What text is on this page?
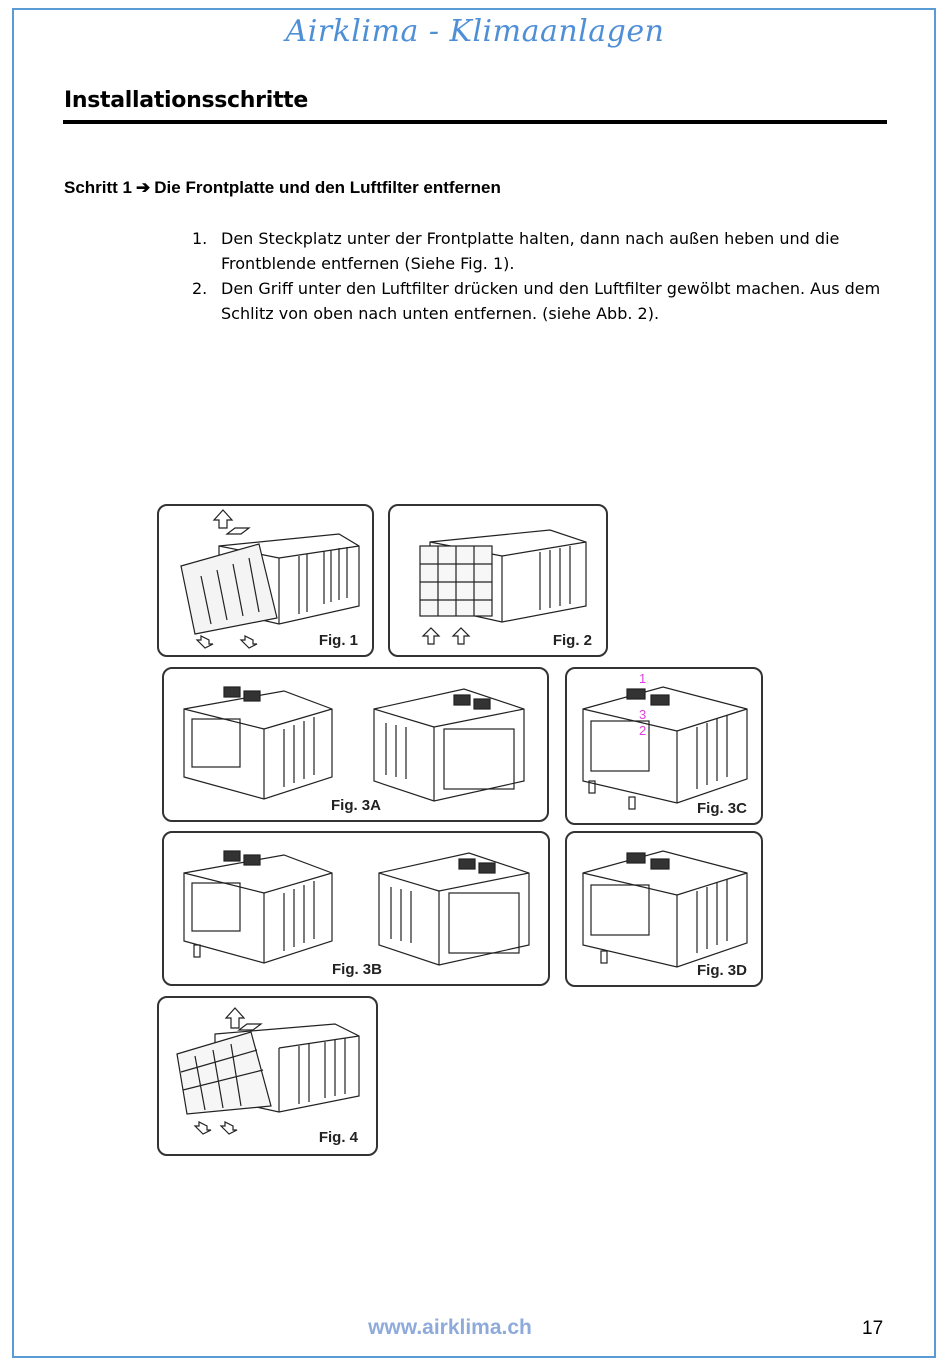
Airklima - Klimaanlagen
Installationsschritte
Schritt 1 ➔ Die Frontplatte und den Luftfilter entfernen
1. Den Steckplatz unter der Frontplatte halten, dann nach außen heben und die Frontblende entfernen (Siehe Fig. 1).
2. Den Griff unter den Luftfilter drücken und den Luftfilter gewölbt machen. Aus dem Schlitz von oben nach unten entfernen. (siehe Abb. 2).
Fig. 1	Fig. 2
Fig. 3A
1
3
2
Fig. 3C
Fig. 3B	Fig. 3D
Fig. 4
www.airklima.ch	17
